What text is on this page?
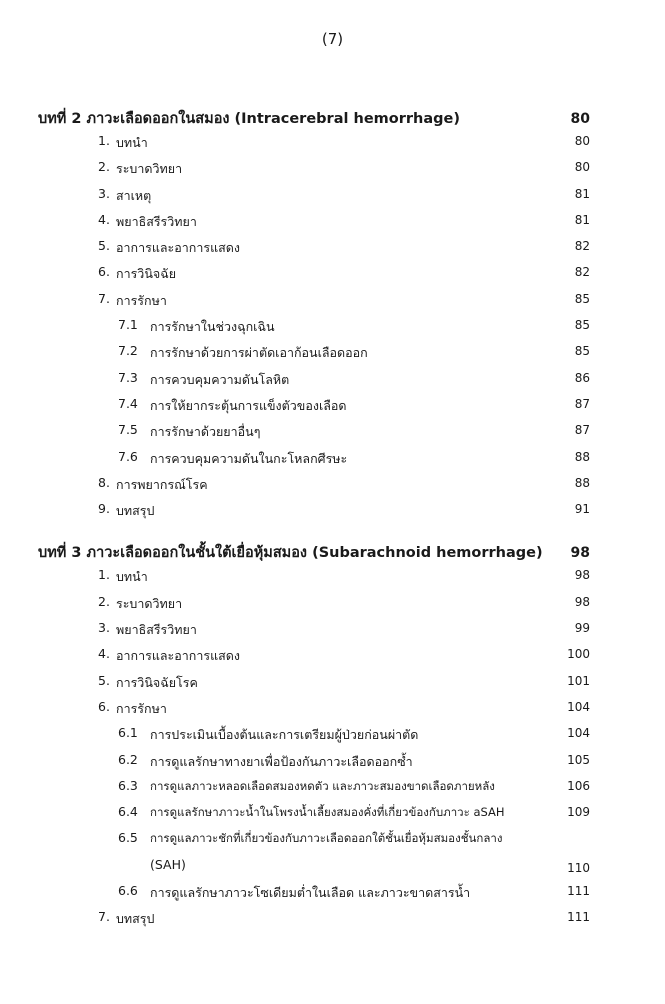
(7)
บทที่ 2 ภาวะเลือดออกในสมอง (Intracerebral hemorrhage)	80
1. บทนำ	80
2. ระบาดวิทยา	80
3. สาเหตุ	81
4. พยาธิสรีรวิทยา	81
5. อาการและอาการแสดง	82
6. การวินิจฉัย	82
7. การรักษา	85
7.1 การรักษาในช่วงฉุกเฉิน	85
7.2 การรักษาด้วยการผ่าตัดเอาก้อนเลือดออก	85
7.3 การควบคุมความดันโลหิต	86
7.4 การให้ยากระตุ้นการแข็งตัวของเลือด	87
7.5 การรักษาด้วยยาอื่นๆ	87
7.6 การควบคุมความดันในกะโหลกศีรษะ	88
8. การพยากรณ์โรค	88
9. บทสรุป	91
บทที่ 3 ภาวะเลือดออกในชั้นใต้เยื่อหุ้มสมอง (Subarachnoid hemorrhage) 98
1. บทนำ	98
2. ระบาดวิทยา	98
3. พยาธิสรีรวิทยา	99
4. อาการและอาการแสดง	100
5. การวินิจฉัยโรค	101
6. การรักษา	104
6.1 การประเมินเบื้องต้นและการเตรียมผู้ป่วยก่อนผ่าตัด	104
6.2 การดูแลรักษาทางยาเพื่อป้องกันภาวะเลือดออกซ้ำ	105
6.3	การดูแลภาวะหลอดเลือดสมองหดตัว และภาวะสมองขาดเลือดภายหลัง	106
6.4	การดูแลรักษาภาวะน้ำในโพรงน้ำเลี้ยงสมองคั่งที่เกี่ยวข้องกับภาวะ aSAH	109
6.5	การดูแลภาวะชักที่เกี่ยวข้องกับภาวะเลือดออกใต้ชั้นเยื่อหุ้มสมองชั้นกลาง
(SAH)	110
6.6 การดูแลรักษาภาวะโซเดียมต่ำในเลือด และภาวะขาดสารน้ำ	111
7. บทสรุป	111
